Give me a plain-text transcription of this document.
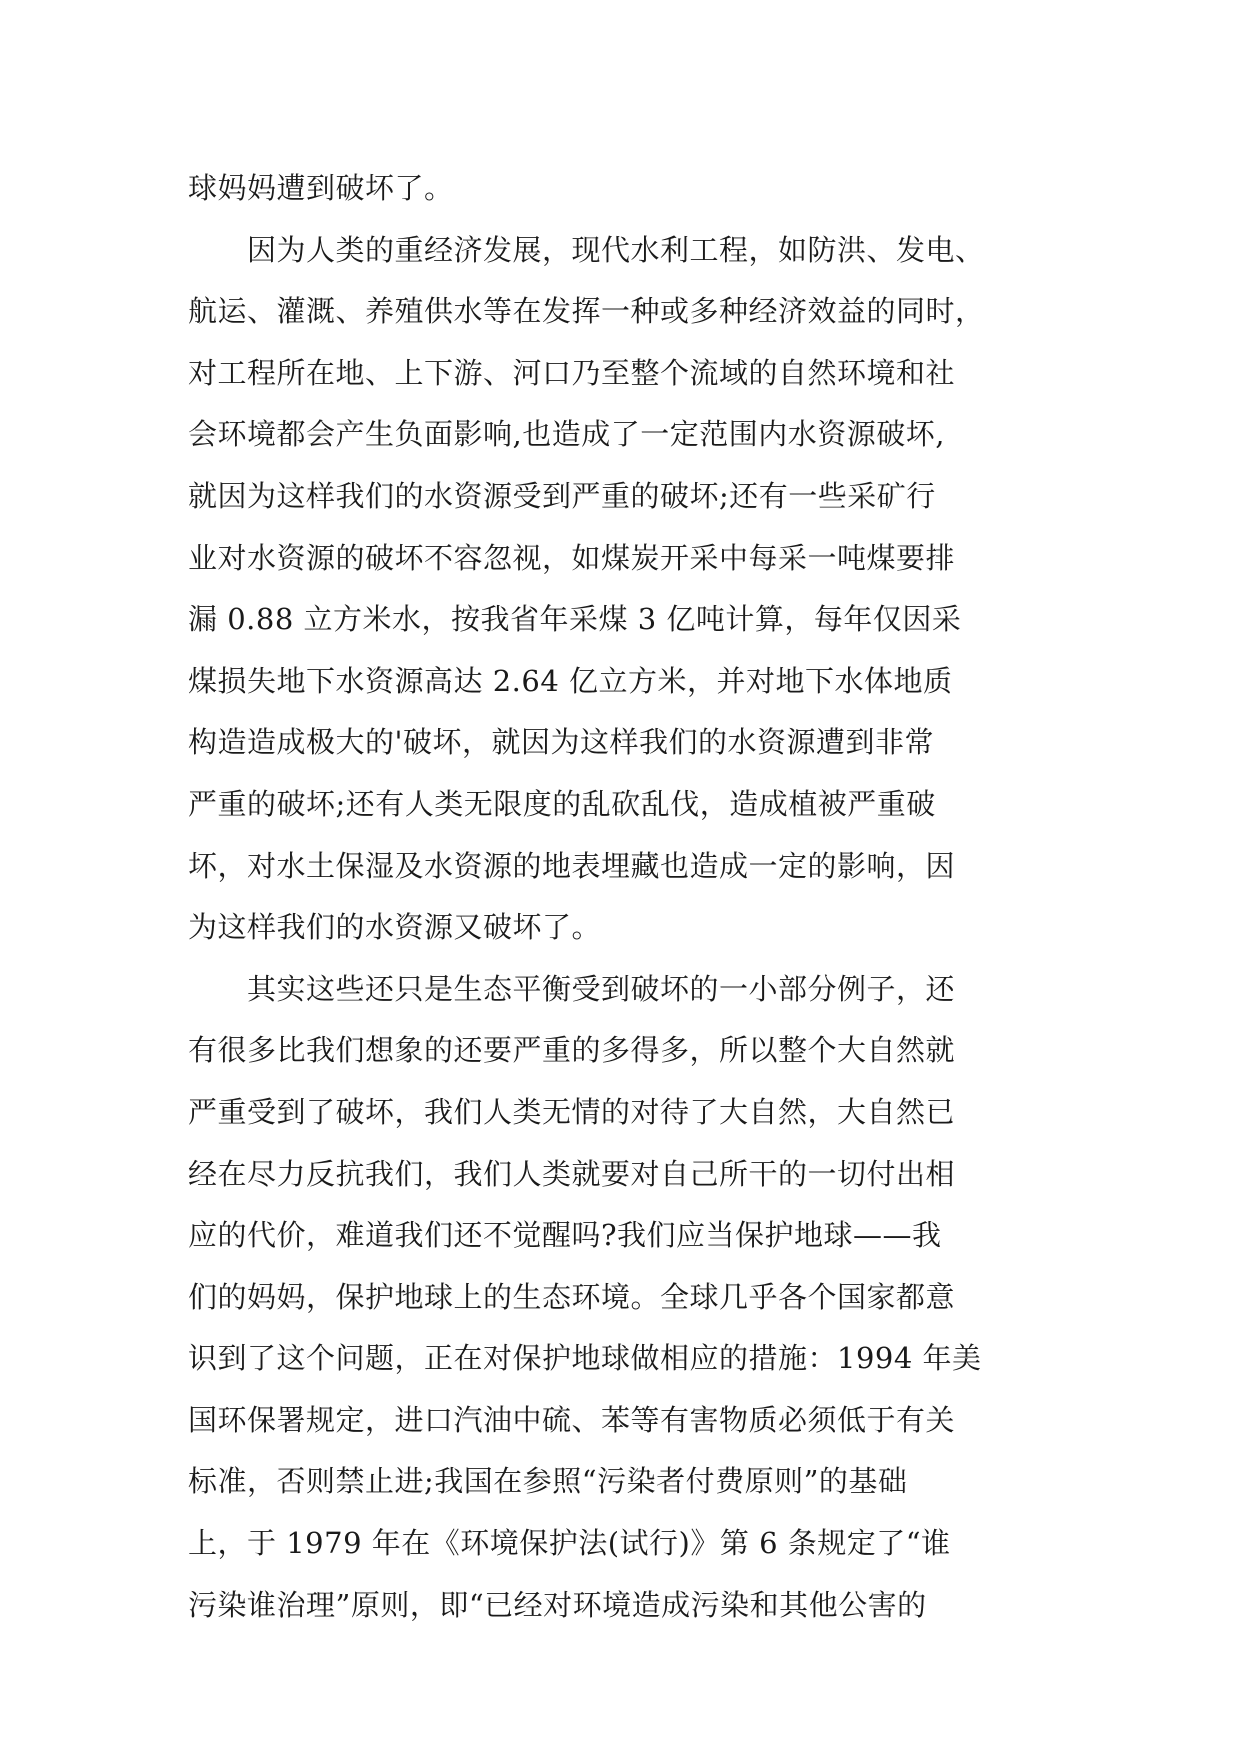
球妈妈遭到破坏了。
　　因为人类的重经济发展，现代水利工程，如防洪、发电、
航运、灌溉、养殖供水等在发挥一种或多种经济效益的同时，
对工程所在地、上下游、河口乃至整个流域的自然环境和社
会环境都会产生负面影响,也造成了一定范围内水资源破坏,
就因为这样我们的水资源受到严重的破坏;还有一些采矿行
业对水资源的破坏不容忽视，如煤炭开采中每采一吨煤要排
漏 0.88 立方米水，按我省年采煤 3 亿吨计算，每年仅因采
煤损失地下水资源高达 2.64 亿立方米，并对地下水体地质
构造造成极大的'破坏，就因为这样我们的水资源遭到非常
严重的破坏;还有人类无限度的乱砍乱伐，造成植被严重破
坏，对水土保湿及水资源的地表埋藏也造成一定的影响，因
为这样我们的水资源又破坏了。
　　其实这些还只是生态平衡受到破坏的一小部分例子，还
有很多比我们想象的还要严重的多得多，所以整个大自然就
严重受到了破坏，我们人类无情的对待了大自然，大自然已
经在尽力反抗我们，我们人类就要对自己所干的一切付出相
应的代价，难道我们还不觉醒吗?我们应当保护地球——我
们的妈妈，保护地球上的生态环境。全球几乎各个国家都意
识到了这个问题，正在对保护地球做相应的措施：1994 年美
国环保署规定，进口汽油中硫、苯等有害物质必须低于有关
标准，否则禁止进;我国在参照“污染者付费原则”的基础
上，于 1979 年在《环境保护法(试行)》第 6 条规定了“谁
污染谁治理”原则，即“已经对环境造成污染和其他公害的
